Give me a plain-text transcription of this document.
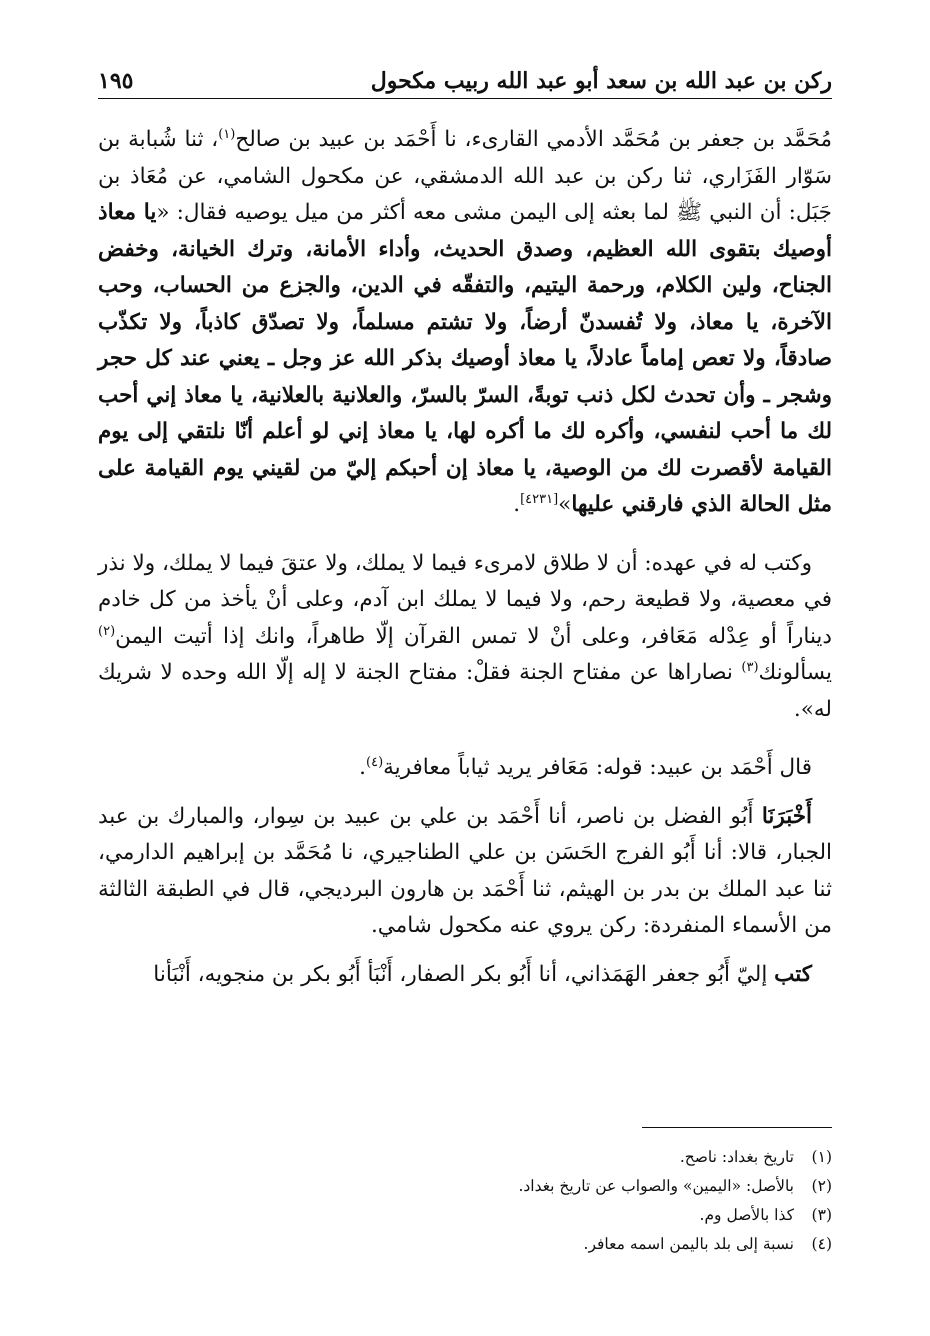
ركن بن عبد الله بن سعد أبو عبد الله ربيب مكحول
١٩٥

مُحَمَّد بن جعفر بن مُحَمَّد الأدمي القارىء، نا أَحْمَد بن عبيد بن صالح$^{(١)}$، ثنا شُبابة بن سَوّار الفَزَاري، ثنا ركن بن عبد الله الدمشقي، عن مكحول الشامي، عن مُعَاذ بن جَبَل: أن النبي ﷺ لما بعثه إلى اليمن مشى معه أكثر من ميل يوصيه فقال: «يا معاذ أوصيك بتقوى الله العظيم، وصدق الحديث، وأداء الأمانة، وترك الخيانة، وخفض الجناح، ولين الكلام، ورحمة اليتيم، والتفقّه في الدين، والجزع من الحساب، وحب الآخرة، يا معاذ، ولا تُفسدنّ أرضاً، ولا تشتم مسلماً، ولا تصدّق كاذباً، ولا تكذّب صادقاً، ولا تعص إماماً عادلاً، يا معاذ أوصيك بذكر الله عز وجل ـ يعني عند كل حجر وشجر ـ وأن تحدث لكل ذنب توبةً، السرّ بالسرّ، والعلانية بالعلانية، يا معاذ إني أحب لك ما أحب لنفسي، وأكره لك ما أكره لها، يا معاذ إني لو أعلم أنّا نلتقي إلى يوم القيامة لأقصرت لك من الوصية، يا معاذ إن أحبكم إليّ من لقيني يوم القيامة على مثل الحالة الذي فارقني عليها»[٤٢٣١].

وكتب له في عهده: أن لا طلاق لامرىء فيما لا يملك، ولا عتقَ فيما لا يملك، ولا نذر في معصية، ولا قطيعة رحم، ولا فيما لا يملك ابن آدم، وعلى أنْ يأخذ من كل خادم ديناراً أو عِدْله مَعَافر، وعلى أنْ لا تمس القرآن إلّا طاهراً، وانك إذا أتيت اليمن$^{(٢)}$ يسألونك$^{(٣)}$ نصاراها عن مفتاح الجنة فقلْ: مفتاح الجنة لا إله إلّا الله وحده لا شريك له».

قال أَحْمَد بن عبيد: قوله: مَعَافر يريد ثياباً معافرية$^{(٤)}$.

أَخْبَرَنَا أَبُو الفضل بن ناصر، أنا أَحْمَد بن علي بن عبيد بن سِوار، والمبارك بن عبد الجبار، قالا: أنا أَبُو الفرج الحَسَن بن علي الطناجيري، نا مُحَمَّد بن إبراهيم الدارمي، ثنا عبد الملك بن بدر بن الهيثم، ثنا أَحْمَد بن هارون البرديجي، قال في الطبقة الثالثة من الأسماء المنفردة: ركن يروي عنه مكحول شامي.

كتب إليّ أَبُو جعفر الهَمَذاني، أنا أَبُو بكر الصفار، أَنْبَأ أَبُو بكر بن منجويه، أَنْبَأنا

(١)
تاريخ بغداد: ناصح.
(٢)
بالأصل: «اليمين» والصواب عن تاريخ بغداد.
(٣)
كذا بالأصل وم.
(٤)
نسبة إلى بلد باليمن اسمه معافر.
